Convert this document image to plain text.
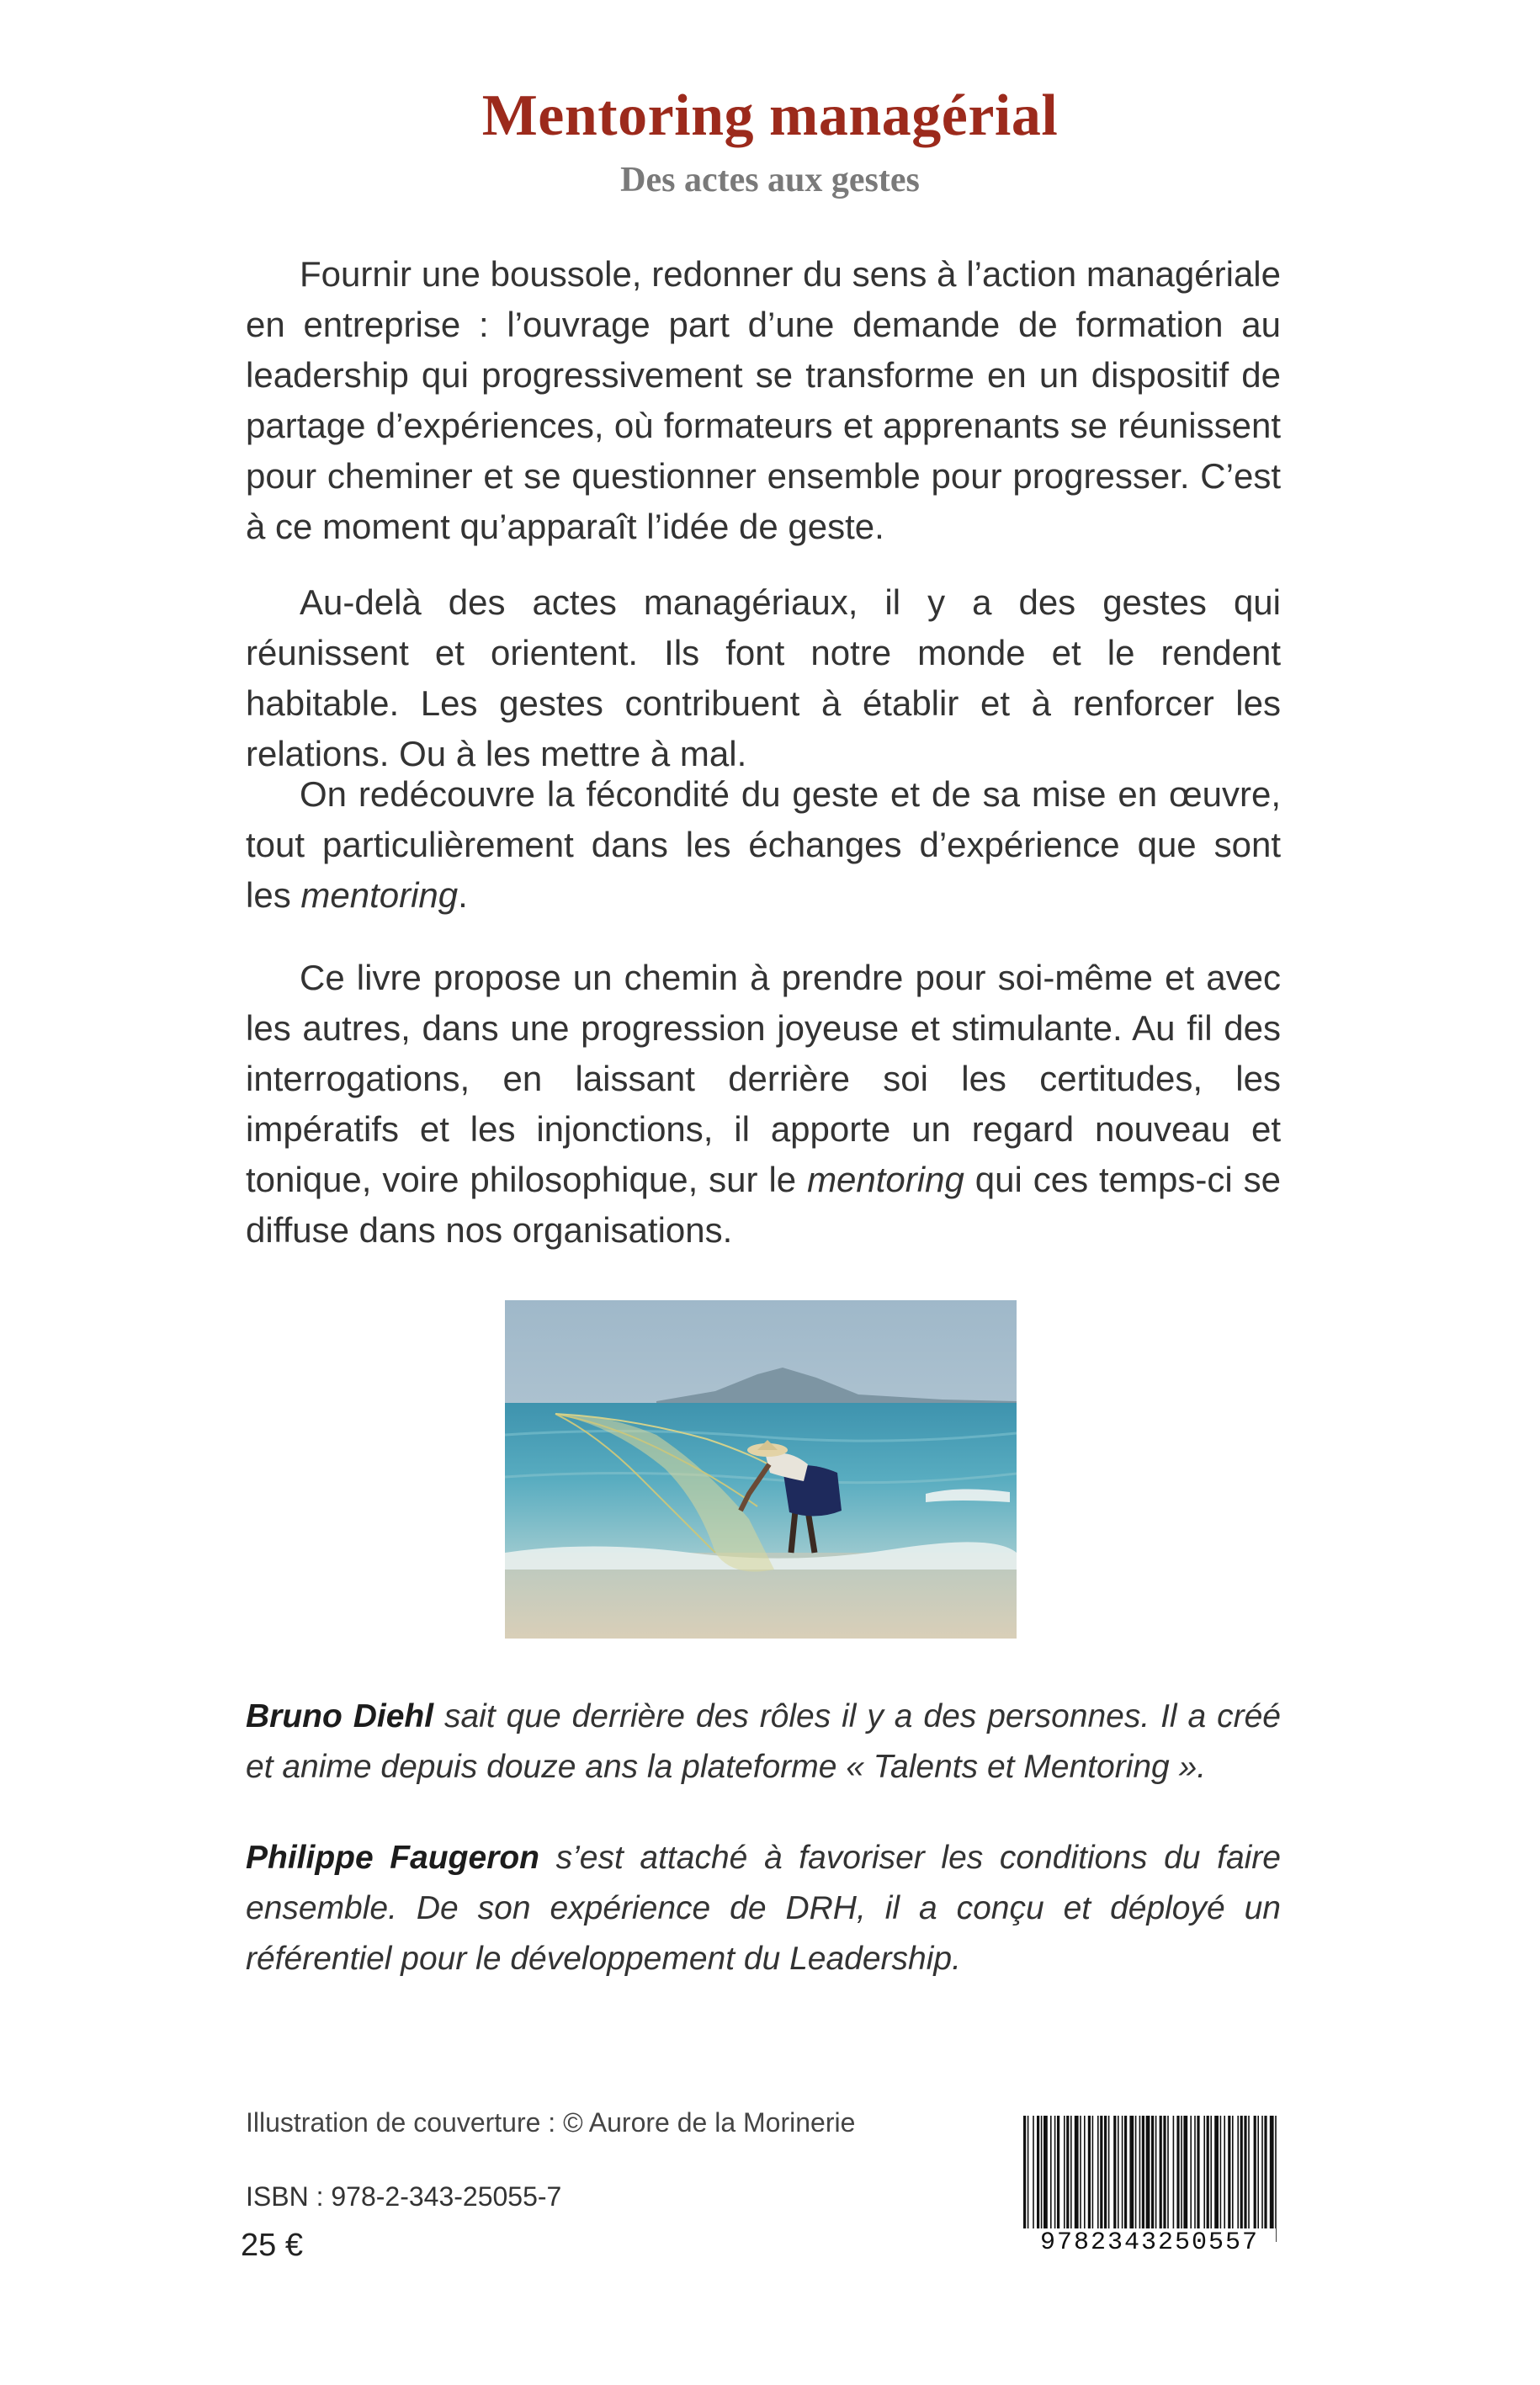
Mentoring managérial
Des actes aux gestes

Fournir une boussole, redonner du sens à l’action managériale en entreprise : l’ouvrage part d’une demande de formation au leadership qui progressivement se transforme en un dispositif de partage d’expériences, où formateurs et apprenants se réunissent pour cheminer et se questionner ensemble pour progresser. C’est à ce moment qu’apparaît l’idée de geste.

Au-delà des actes managériaux, il y a des gestes qui réunissent et orientent. Ils font notre monde et le rendent habitable. Les gestes contribuent à établir et à renforcer les relations. Ou à les mettre à mal.

On redécouvre la fécondité du geste et de sa mise en œuvre, tout particulièrement dans les échanges d’expérience que sont les mentoring.

Ce livre propose un chemin à prendre pour soi-même et avec les autres, dans une progression joyeuse et stimulante. Au fil des interrogations, en laissant derrière soi les certitudes, les impératifs et les injonctions, il apporte un regard nouveau et tonique, voire philosophique, sur le mentoring qui ces temps-ci se diffuse dans nos organisations.

Bruno Diehl sait que derrière des rôles il y a des personnes. Il a créé et anime depuis douze ans la plateforme « Talents et Mentoring ».
Philippe Faugeron s’est attaché à favoriser les conditions du faire ensemble. De son expérience de DRH, il a conçu et déployé un référentiel pour le développement du Leadership.
Illustration de couverture : © Aurore de la Morinerie
ISBN : 978-2-343-25055-7
25 €	9782343250557
